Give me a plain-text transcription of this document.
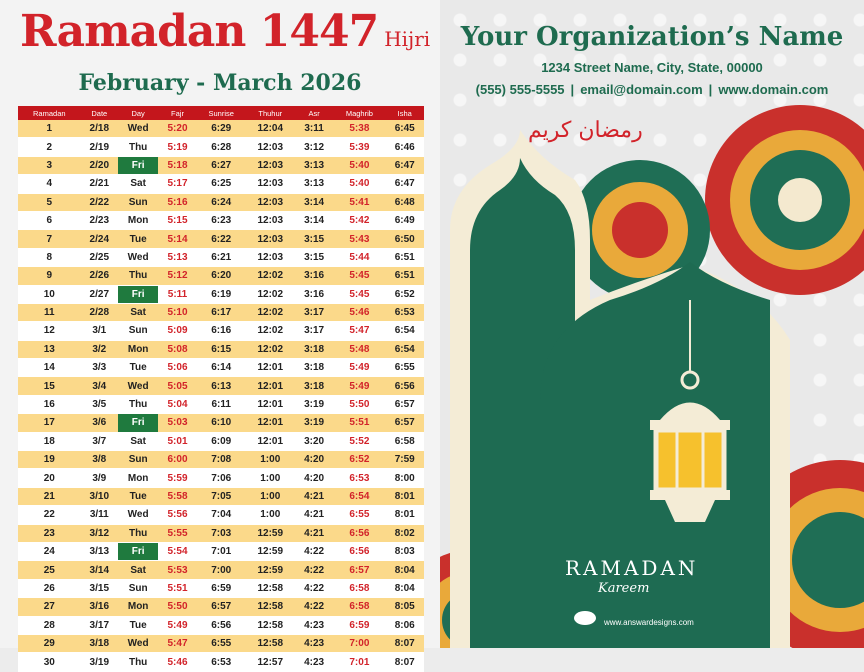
رمضان كريم
RAMADAN
Kareem
www.answardesigns.com
Ramadan 1447 Hijri
February - March 2026
Ramadan	Date	Day	Fajr	Sunrise	Thuhur	Asr	Maghrib	Isha
1	2/18	Wed	5:20	6:29	12:04	3:11	5:38	6:45
2	2/19	Thu	5:19	6:28	12:03	3:12	5:39	6:46
3	2/20	Fri	5:18	6:27	12:03	3:13	5:40	6:47
4	2/21	Sat	5:17	6:25	12:03	3:13	5:40	6:47
5	2/22	Sun	5:16	6:24	12:03	3:14	5:41	6:48
6	2/23	Mon	5:15	6:23	12:03	3:14	5:42	6:49
7	2/24	Tue	5:14	6:22	12:03	3:15	5:43	6:50
8	2/25	Wed	5:13	6:21	12:03	3:15	5:44	6:51
9	2/26	Thu	5:12	6:20	12:02	3:16	5:45	6:51
10	2/27	Fri	5:11	6:19	12:02	3:16	5:45	6:52
11	2/28	Sat	5:10	6:17	12:02	3:17	5:46	6:53
12	3/1	Sun	5:09	6:16	12:02	3:17	5:47	6:54
13	3/2	Mon	5:08	6:15	12:02	3:18	5:48	6:54
14	3/3	Tue	5:06	6:14	12:01	3:18	5:49	6:55
15	3/4	Wed	5:05	6:13	12:01	3:18	5:49	6:56
16	3/5	Thu	5:04	6:11	12:01	3:19	5:50	6:57
17	3/6	Fri	5:03	6:10	12:01	3:19	5:51	6:57
18	3/7	Sat	5:01	6:09	12:01	3:20	5:52	6:58
19	3/8	Sun	6:00	7:08	1:00	4:20	6:52	7:59
20	3/9	Mon	5:59	7:06	1:00	4:20	6:53	8:00
21	3/10	Tue	5:58	7:05	1:00	4:21	6:54	8:01
22	3/11	Wed	5:56	7:04	1:00	4:21	6:55	8:01
23	3/12	Thu	5:55	7:03	12:59	4:21	6:56	8:02
24	3/13	Fri	5:54	7:01	12:59	4:22	6:56	8:03
25	3/14	Sat	5:53	7:00	12:59	4:22	6:57	8:04
26	3/15	Sun	5:51	6:59	12:58	4:22	6:58	8:04
27	3/16	Mon	5:50	6:57	12:58	4:22	6:58	8:05
28	3/17	Tue	5:49	6:56	12:58	4:23	6:59	8:06
29	3/18	Wed	5:47	6:55	12:58	4:23	7:00	8:07
30	3/19	Thu	5:46	6:53	12:57	4:23	7:01	8:07
Your Organization’s Name
1234 Street Name, City, State, 00000
(555) 555-5555 | email@domain.com | www.domain.com
